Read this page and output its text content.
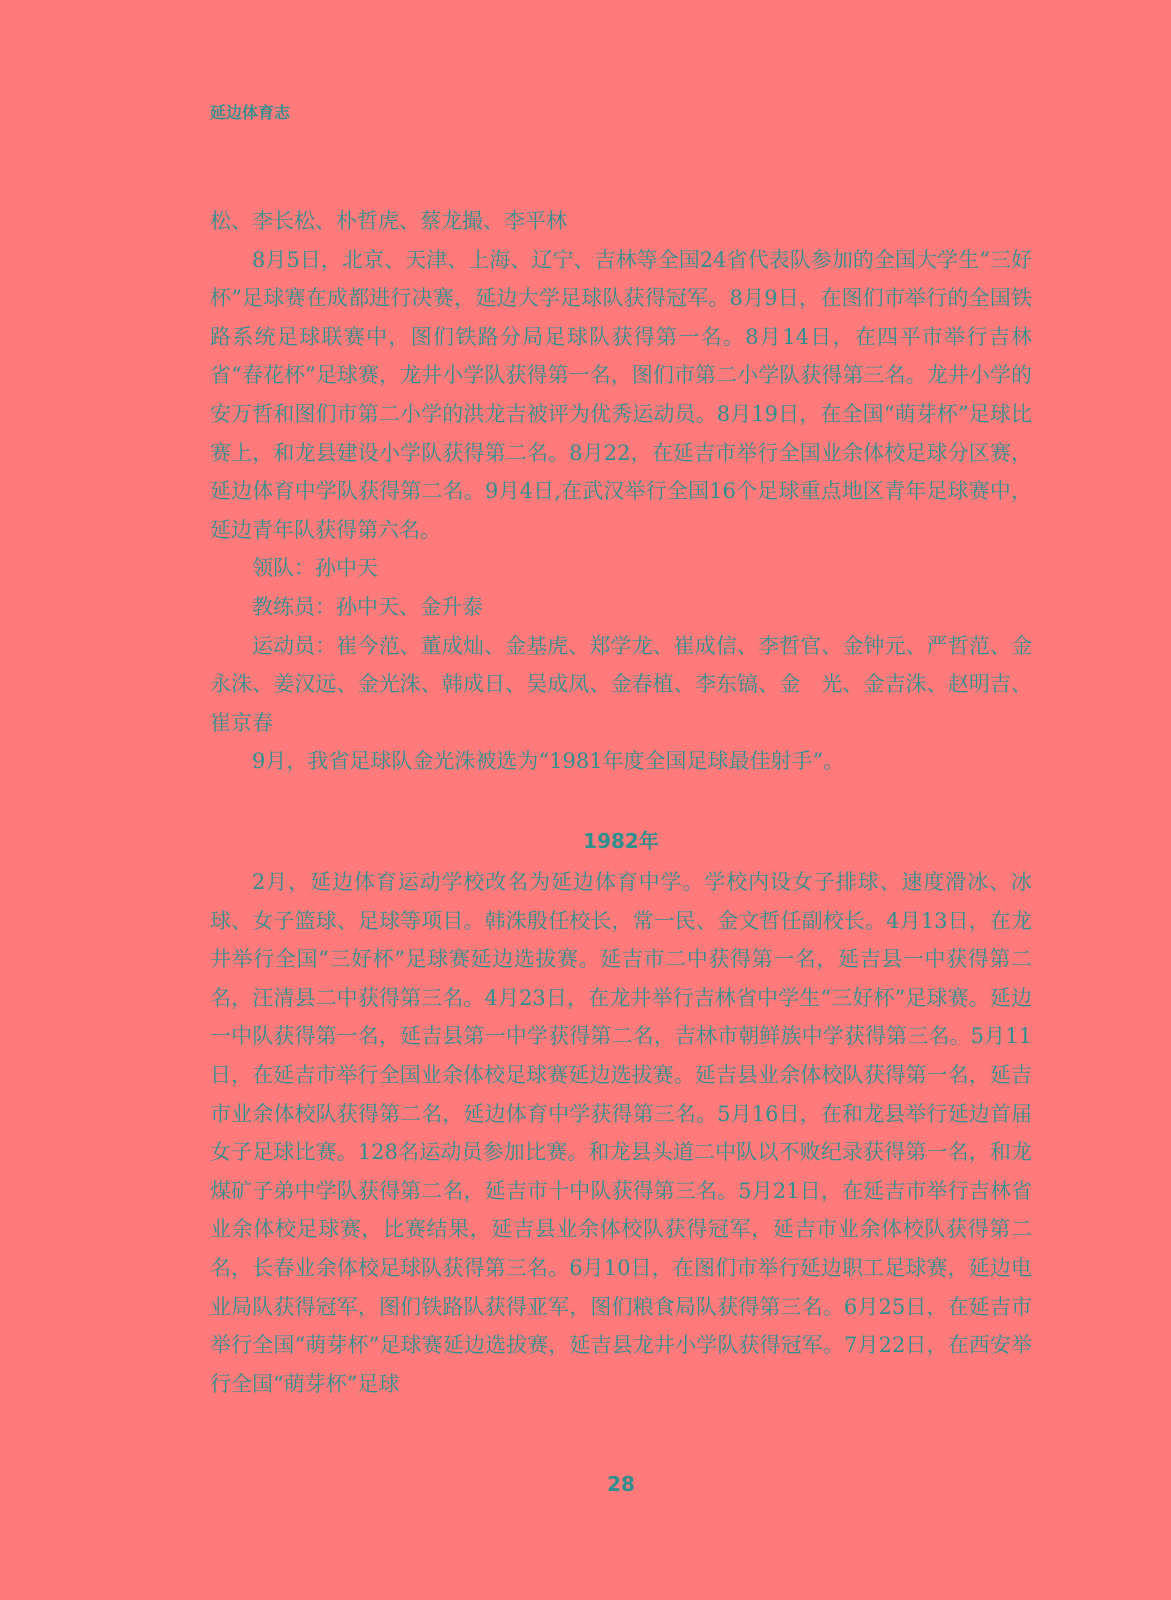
延边体育志

松、李长松、朴哲虎、蔡龙撮、李平林

8月5日，北京、天津、上海、辽宁、吉林等全国24省代表队参加的全国大学生“三好杯”足球赛在成都进行决赛，延边大学足球队获得冠军。8月9日，在图们市举行的全国铁路系统足球联赛中，图们铁路分局足球队获得第一名。8月14日，在四平市举行吉林省“春花杯”足球赛，龙井小学队获得第一名，图们市第二小学队获得第三名。龙井小学的安万哲和图们市第二小学的洪龙吉被评为优秀运动员。8月19日，在全国“萌芽杯”足球比赛上，和龙县建设小学队获得第二名。8月22，在延吉市举行全国业余体校足球分区赛，延边体育中学队获得第二名。9月4日,在武汉举行全国16个足球重点地区青年足球赛中，延边青年队获得第六名。

领队：孙中天

教练员：孙中天、金升泰

运动员：崔今范、董成灿、金基虎、郑学龙、崔成信、李哲官、金钟元、严哲范、金永洙、姜汉远、金光洙、韩成日、吴成凤、金春植、李东镐、金　光、金吉洙、赵明吉、崔京春

9月，我省足球队金光洙被选为“1981年度全国足球最佳射手”。

1982年

2月，延边体育运动学校改名为延边体育中学。学校内设女子排球、速度滑冰、冰球、女子篮球、足球等项目。韩洙殷任校长，常一民、金文哲任副校长。4月13日，在龙井举行全国“三好杯”足球赛延边选拔赛。延吉市二中获得第一名，延吉县一中获得第二名，汪清县二中获得第三名。4月23日，在龙井举行吉林省中学生“三好杯”足球赛。延边一中队获得第一名，延吉县第一中学获得第二名，吉林市朝鲜族中学获得第三名。5月11日，在延吉市举行全国业余体校足球赛延边选拔赛。延吉县业余体校队获得第一名，延吉市业余体校队获得第二名，延边体育中学获得第三名。5月16日，在和龙县举行延边首届女子足球比赛。128名运动员参加比赛。和龙县头道二中队以不败纪录获得第一名，和龙煤矿子弟中学队获得第二名，延吉市十中队获得第三名。5月21日，在延吉市举行吉林省业余体校足球赛，比赛结果，延吉县业余体校队获得冠军，延吉市业余体校队获得第二名，长春业余体校足球队获得第三名。6月10日，在图们市举行延边职工足球赛，延边电业局队获得冠军，图们铁路队获得亚军，图们粮食局队获得第三名。6月25日，在延吉市举行全国“萌芽杯”足球赛延边选拔赛，延吉县龙井小学队获得冠军。7月22日，在西安举行全国“萌芽杯”足球

28
